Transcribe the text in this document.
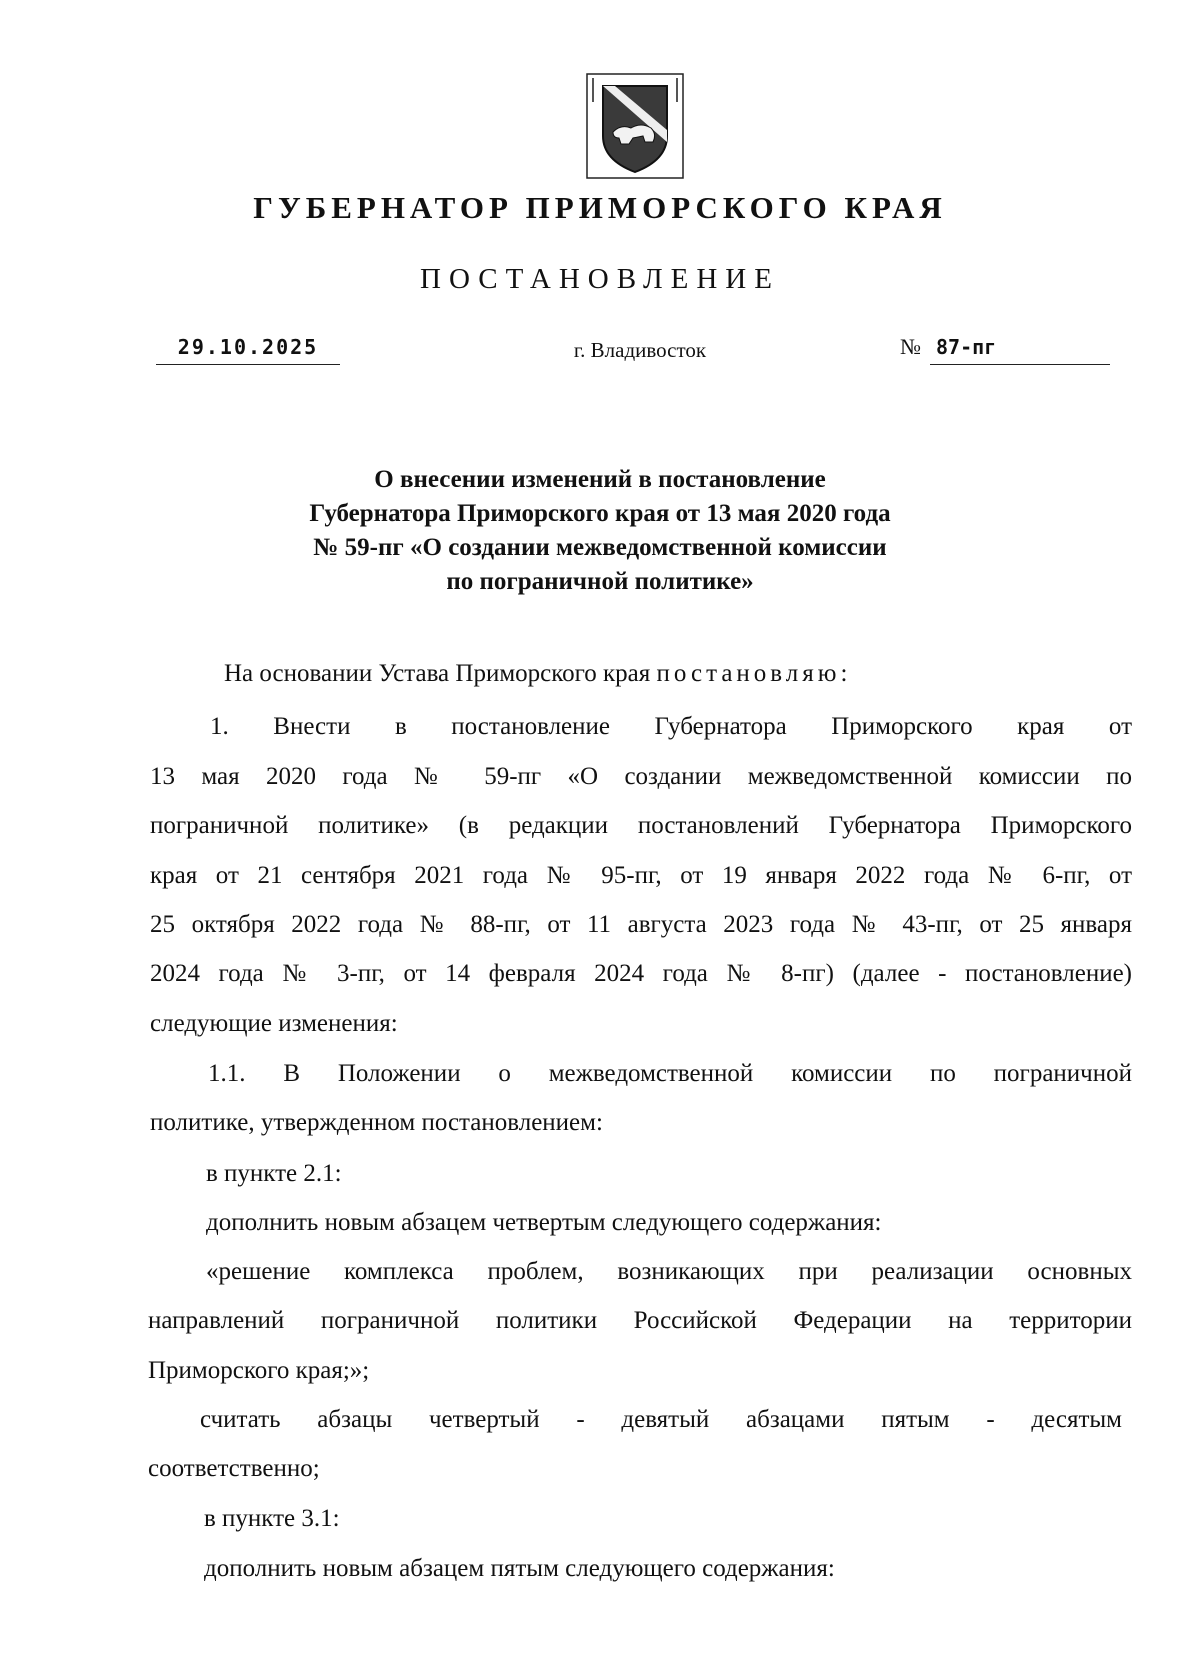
ГУБЕРНАТОР ПРИМОРСКОГО КРАЯ
ПОСТАНОВЛЕНИЕ
29.10.2025	г. Владивосток	№ 87-пг
О внесении изменений в постановление
Губернатора Приморского края от 13 мая 2020 года
№ 59-пг «О создании межведомственной комиссии
по пограничной политике»
На основании Устава Приморского края постановляю:
1. Внести в постановление Губернатора Приморского края от
13 мая 2020 года № 59-пг «О создании межведомственной комиссии по
пограничной политике» (в редакции постановлений Губернатора Приморского
края от 21 сентября 2021 года № 95-пг, от 19 января 2022 года № 6-пг, от
25 октября 2022 года № 88-пг, от 11 августа 2023 года № 43-пг, от 25 января
2024 года № 3-пг, от 14 февраля 2024 года № 8-пг) (далее - постановление)
следующие изменения:
1.1. В Положении о межведомственной комиссии по пограничной
политике, утвержденном постановлением:
в пункте 2.1:
дополнить новым абзацем четвертым следующего содержания:
«решение комплекса проблем, возникающих при реализации основных
направлений пограничной политики Российской Федерации на территории
Приморского края;»;
считать абзацы четвертый - девятый абзацами пятым - десятым
соответственно;
в пункте 3.1:
дополнить новым абзацем пятым следующего содержания:
